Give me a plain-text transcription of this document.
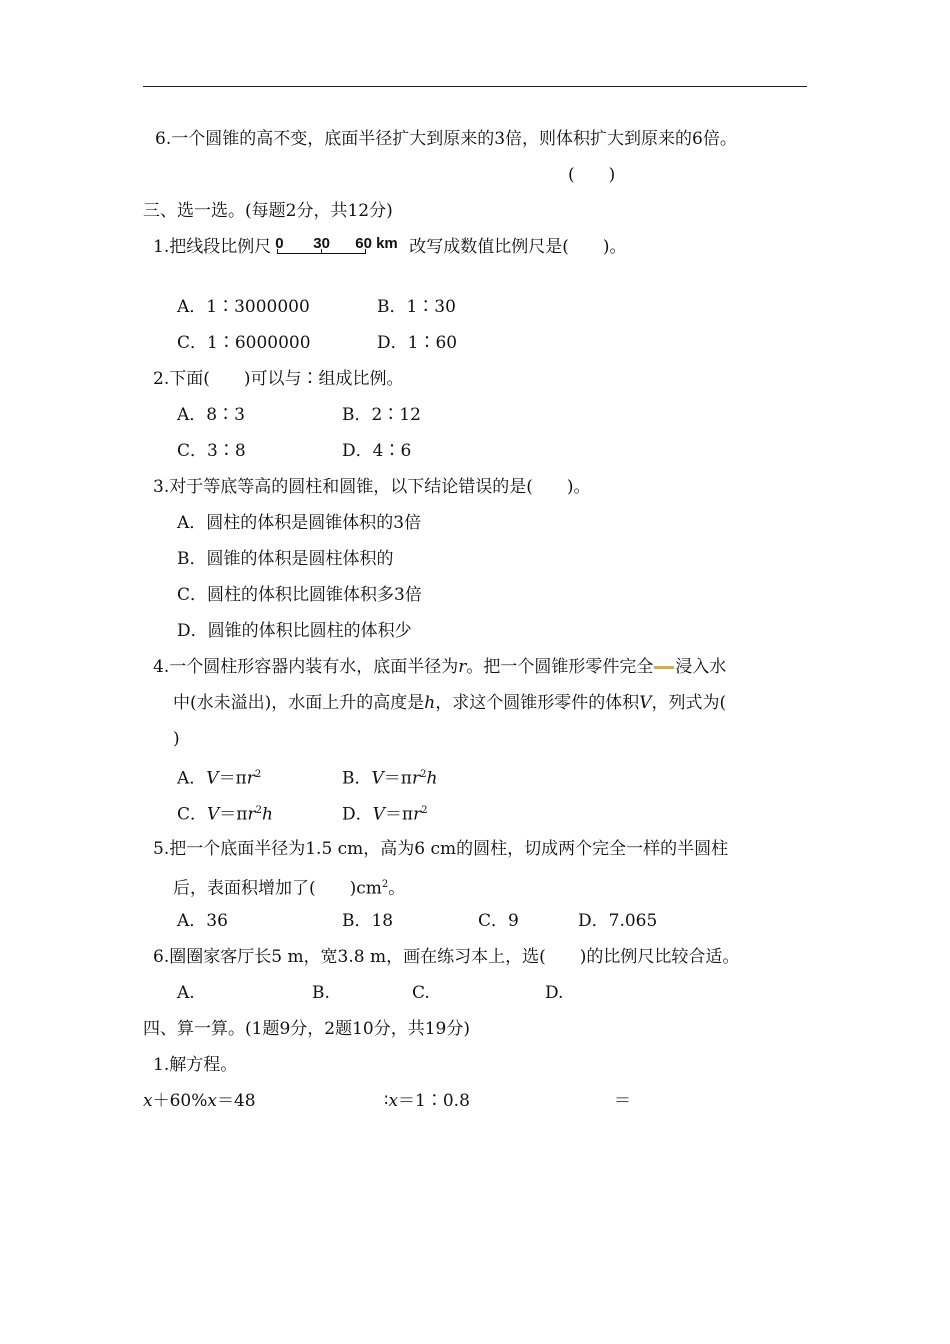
6.一个圆锥的高不变，底面半径扩大到原来的3倍，则体积扩大到原来的6倍。
(　　)
三、选一选。(每题2分，共12分)
1.把线段比例尺 0 30 60 km 改写成数值比例尺是(　　)。
A．1∶3000000	B．1∶30
C．1∶6000000	D．1∶60
2.下面(　　)可以与∶组成比例。
A．8∶3	B．2∶12
C．3∶8	D．4∶6
3.对于等底等高的圆柱和圆锥，以下结论错误的是(　　)。
A．圆柱的体积是圆锥体积的3倍
B．圆锥的体积是圆柱体积的
C．圆柱的体积比圆锥体积多3倍
D．圆锥的体积比圆柱的体积少
4.一个圆柱形容器内装有水，底面半径为r。把一个圆锥形零件完全 浸入水
中(水未溢出)，水面上升的高度是h，求这个圆锥形零件的体积V，列式为(
)
A．$V=\pi r^2$	B．$V=\pi r^2h$
C．$V=\pi r^2h$	D．$V=\pi r^2$
5.把一个底面半径为1.5 cm，高为6 cm的圆柱，切成两个完全一样的半圆柱
后，表面积增加了(　　)$cm^2$。
A．36	B．18	C．9	D．7.065
6.圈圈家客厅长5 m，宽3.8 m，画在练习本上，选(　　)的比例尺比较合适。
A.	B.	C.	D.
四、算一算。(1题9分，2题10分，共19分)
1.解方程。
x＋60%x＝48	∶x＝1∶0.8	＝
